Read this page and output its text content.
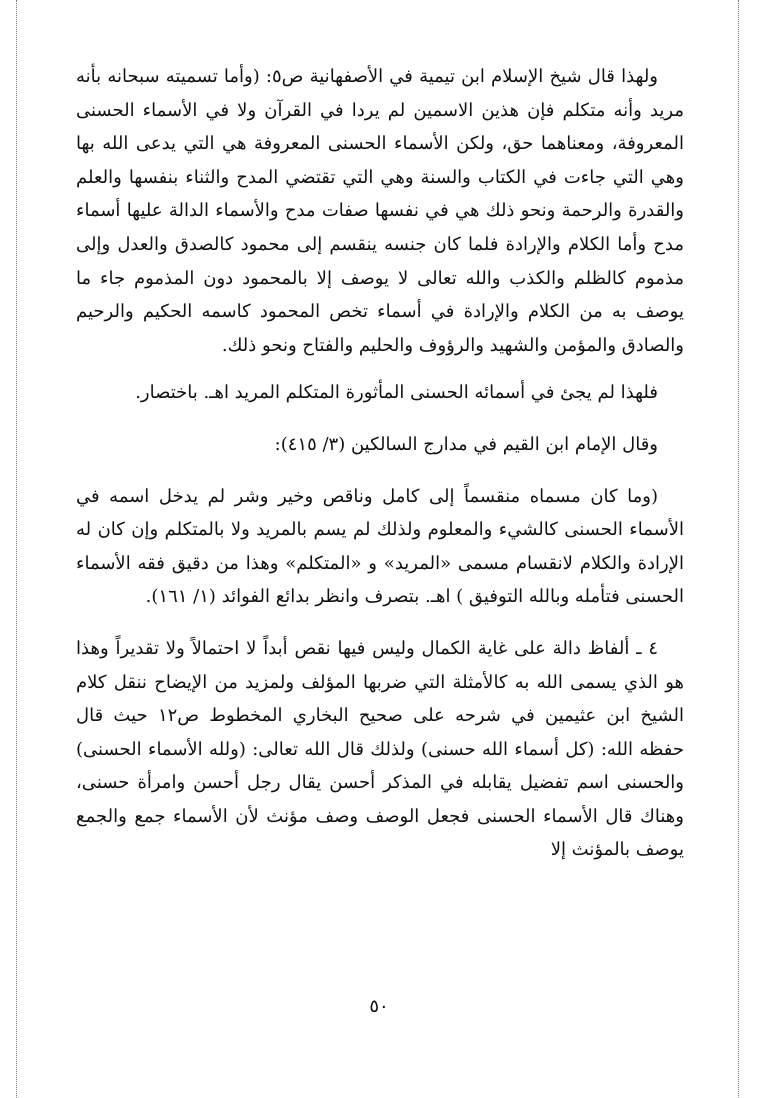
ولهذا قال شيخ الإسلام ابن تيمية في الأصفهانية ص٥: (وأما تسميته سبحانه بأنه مريد وأنه متكلم فإن هذين الاسمين لم يردا في القرآن ولا في الأسماء الحسنى المعروفة، ومعناهما حق، ولكن الأسماء الحسنى المعروفة هي التي يدعى الله بها وهي التي جاءت في الكتاب والسنة وهي التي تقتضي المدح والثناء بنفسها والعلم والقدرة والرحمة ونحو ذلك هي في نفسها صفات مدح والأسماء الدالة عليها أسماء مدح وأما الكلام والإرادة فلما كان جنسه ينقسم إلى محمود كالصدق والعدل وإلى مذموم كالظلم والكذب والله تعالى لا يوصف إلا بالمحمود دون المذموم جاء ما يوصف به من الكلام والإرادة في أسماء تخص المحمود كاسمه الحكيم والرحيم والصادق والمؤمن والشهيد والرؤوف والحليم والفتاح ونحو ذلك.

فلهذا لم يجئ في أسمائه الحسنى المأثورة المتكلم المريد اهـ. باختصار.

وقال الإمام ابن القيم في مدارج السالكين (٣/ ٤١٥):

(وما كان مسماه منقسماً إلى كامل وناقص وخير وشر لم يدخل اسمه في الأسماء الحسنى كالشيء والمعلوم ولذلك لم يسم بالمريد ولا بالمتكلم وإن كان له الإرادة والكلام لانقسام مسمى «المريد» و «المتكلم» وهذا من دقيق فقه الأسماء الحسنى فتأمله وبالله التوفيق ) اهـ. بتصرف وانظر بدائع الفوائد (١/ ١٦١).

٤ ـ ألفاظ دالة على غاية الكمال وليس فيها نقص أبداً لا احتمالاً ولا تقديراً وهذا هو الذي يسمى الله به كالأمثلة التي ضربها المؤلف ولمزيد من الإيضاح ننقل كلام الشيخ ابن عثيمين في شرحه على صحيح البخاري المخطوط ص١٢ حيث قال حفظه الله: (كل أسماء الله حسنى) ولذلك قال الله تعالى: (ولله الأسماء الحسنى) والحسنى اسم تفضيل يقابله في المذكر أحسن يقال رجل أحسن وامرأة حسنى، وهناك قال الأسماء الحسنى فجعل الوصف وصف مؤنث لأن الأسماء جمع والجمع يوصف بالمؤنث إلا

٥٠
